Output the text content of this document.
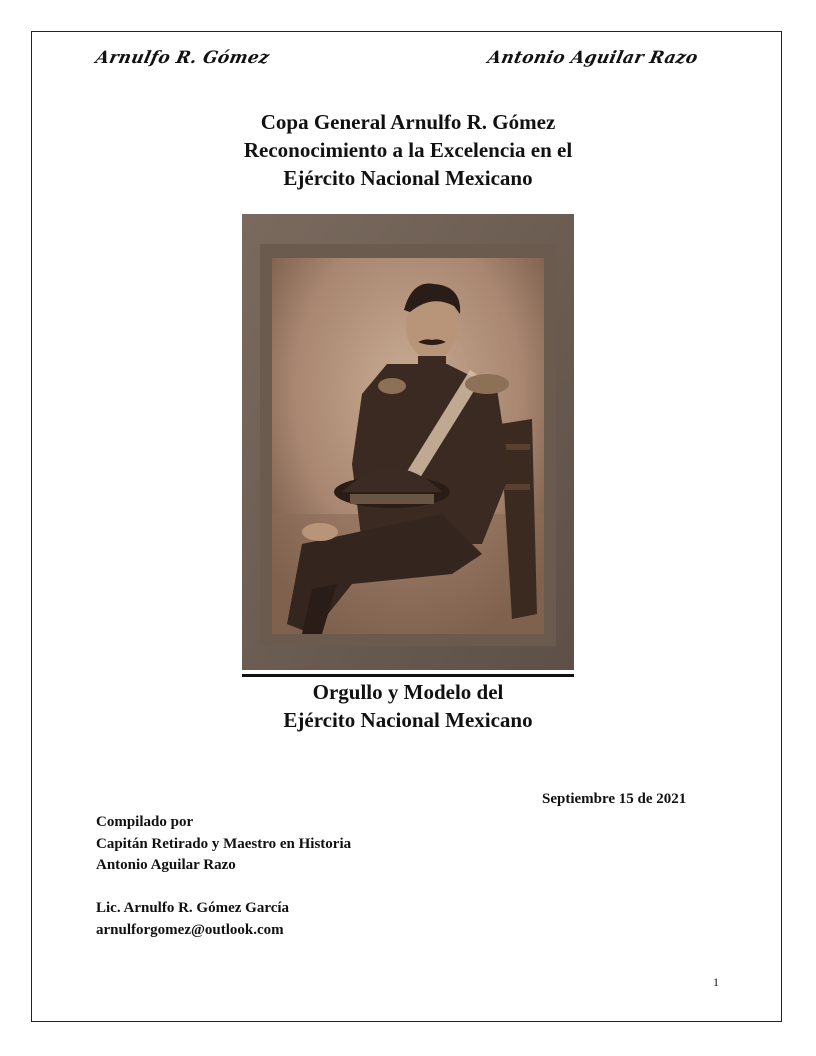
Arnulfo R. Gómez	Antonio Aguilar Razo
Copa General Arnulfo R. Gómez
Reconocimiento a la Excelencia en el
Ejército Nacional Mexicano
Orgullo y Modelo del
Ejército Nacional Mexicano
Septiembre 15 de 2021
Compilado por
Capitán Retirado y Maestro en Historia
Antonio Aguilar Razo
Lic. Arnulfo R. Gómez García
arnulforgomez@outlook.com
1
